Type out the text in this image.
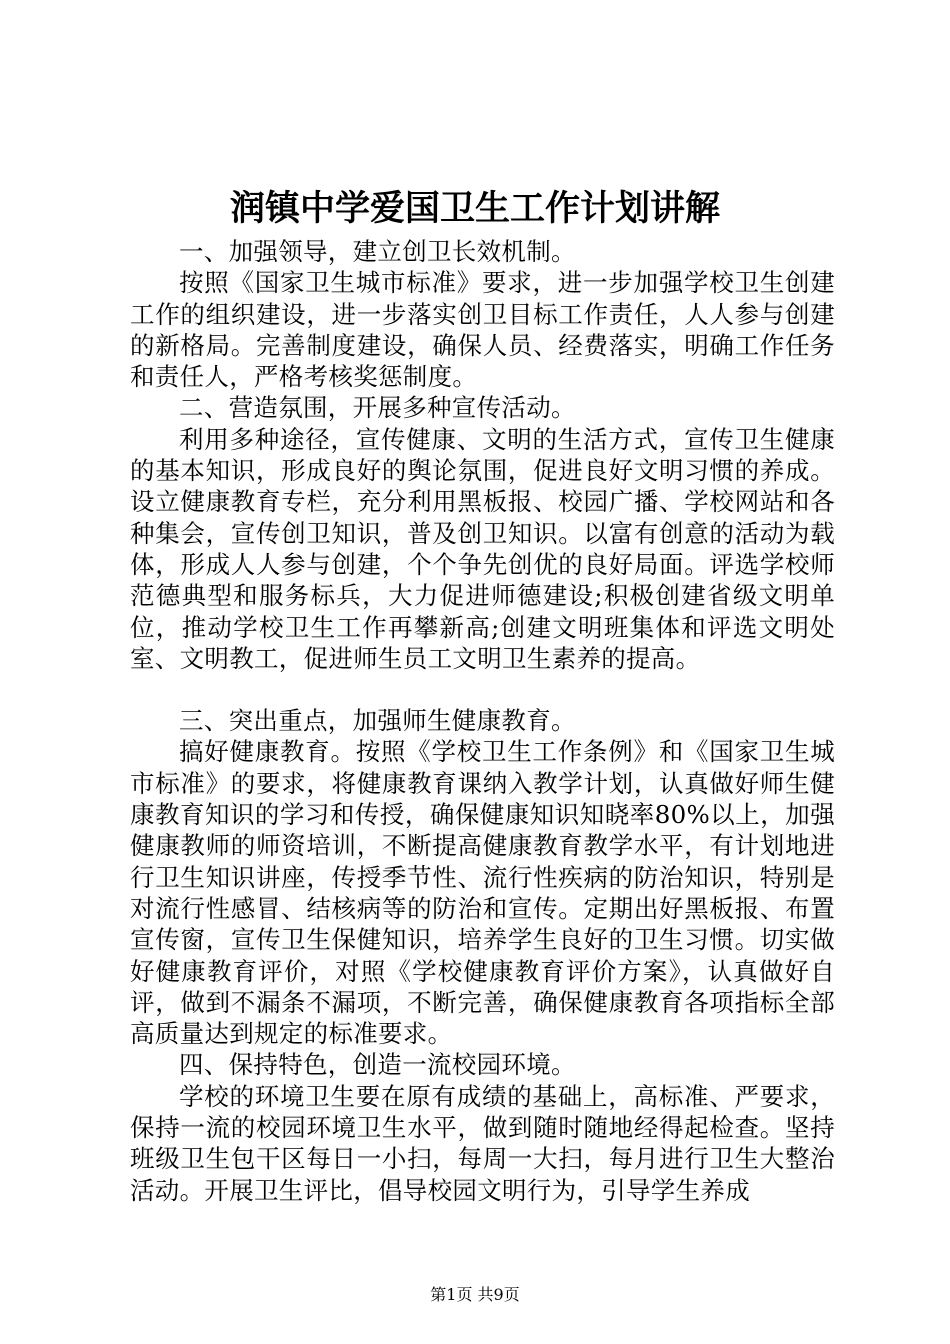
润镇中学爱国卫生工作计划讲解

一、加强领导，建立创卫长效机制。

按照《国家卫生城市标准》要求，进一步加强学校卫生创建工作的组织建设，进一步落实创卫目标工作责任，人人参与创建的新格局。完善制度建设，确保人员、经费落实，明确工作任务和责任人，严格考核奖惩制度。

二、营造氛围，开展多种宣传活动。

利用多种途径，宣传健康、文明的生活方式，宣传卫生健康的基本知识，形成良好的舆论氛围，促进良好文明习惯的养成。设立健康教育专栏，充分利用黑板报、校园广播、学校网站和各种集会，宣传创卫知识，普及创卫知识。以富有创意的活动为载体，形成人人参与创建，个个争先创优的良好局面。评选学校师范德典型和服务标兵，大力促进师德建设;积极创建省级文明单位，推动学校卫生工作再攀新高;创建文明班集体和评选文明处室、文明教工，促进师生员工文明卫生素养的提高。

三、突出重点，加强师生健康教育。

搞好健康教育。按照《学校卫生工作条例》和《国家卫生城市标准》的要求，将健康教育课纳入教学计划，认真做好师生健康教育知识的学习和传授，确保健康知识知晓率80%以上，加强健康教师的师资培训，不断提高健康教育教学水平，有计划地进行卫生知识讲座，传授季节性、流行性疾病的防治知识，特别是对流行性感冒、结核病等的防治和宣传。定期出好黑板报、布置宣传窗，宣传卫生保健知识，培养学生良好的卫生习惯。切实做好健康教育评价，对照《学校健康教育评价方案》，认真做好自评，做到不漏条不漏项，不断完善，确保健康教育各项指标全部高质量达到规定的标准要求。

四、保持特色，创造一流校园环境。

学校的环境卫生要在原有成绩的基础上，高标准、严要求，保持一流的校园环境卫生水平，做到随时随地经得起检查。坚持班级卫生包干区每日一小扫，每周一大扫，每月进行卫生大整治活动。开展卫生评比，倡导校园文明行为，引导学生养成

第1页 共9页
